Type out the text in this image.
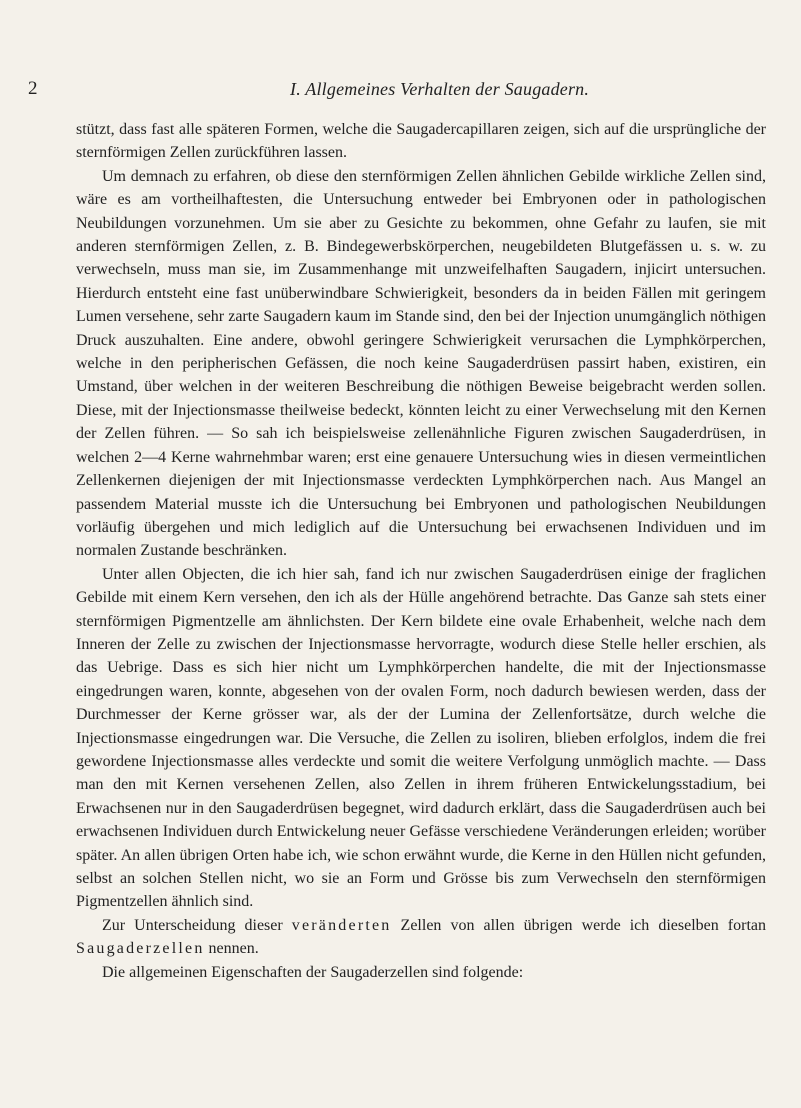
2	I. Allgemeines Verhalten der Saugadern.

stützt, dass fast alle späteren Formen, welche die Saugadercapillaren zeigen, sich auf die ursprüngliche der sternförmigen Zellen zurückführen lassen.

Um demnach zu erfahren, ob diese den sternförmigen Zellen ähnlichen Gebilde wirkliche Zellen sind, wäre es am vortheilhaftesten, die Untersuchung entweder bei Embryonen oder in pathologischen Neubildungen vorzunehmen. Um sie aber zu Gesichte zu bekommen, ohne Gefahr zu laufen, sie mit anderen sternförmigen Zellen, z. B. Bindegewerbskörperchen, neugebildeten Blutgefässen u. s. w. zu verwechseln, muss man sie, im Zusammenhange mit unzweifelhaften Saugadern, injicirt untersuchen. Hierdurch entsteht eine fast unüberwindbare Schwierigkeit, besonders da in beiden Fällen mit geringem Lumen versehene, sehr zarte Saugadern kaum im Stande sind, den bei der Injection unumgänglich nöthigen Druck auszuhalten. Eine andere, obwohl geringere Schwierigkeit verursachen die Lymphkörperchen, welche in den peripherischen Gefässen, die noch keine Saugaderdrüsen passirt haben, existiren, ein Umstand, über welchen in der weiteren Beschreibung die nöthigen Beweise beigebracht werden sollen. Diese, mit der Injectionsmasse theilweise bedeckt, könnten leicht zu einer Verwechselung mit den Kernen der Zellen führen. — So sah ich beispielsweise zellenähnliche Figuren zwischen Saugaderdrüsen, in welchen 2—4 Kerne wahrnehmbar waren; erst eine genauere Untersuchung wies in diesen vermeintlichen Zellenkernen diejenigen der mit Injectionsmasse verdeckten Lymphkörperchen nach. Aus Mangel an passendem Material musste ich die Untersuchung bei Embryonen und pathologischen Neubildungen vorläufig übergehen und mich lediglich auf die Untersuchung bei erwachsenen Individuen und im normalen Zustande beschränken.

Unter allen Objecten, die ich hier sah, fand ich nur zwischen Saugaderdrüsen einige der fraglichen Gebilde mit einem Kern versehen, den ich als der Hülle angehörend betrachte. Das Ganze sah stets einer sternförmigen Pigmentzelle am ähnlichsten. Der Kern bildete eine ovale Erhabenheit, welche nach dem Inneren der Zelle zu zwischen der Injectionsmasse hervorragte, wodurch diese Stelle heller erschien, als das Uebrige. Dass es sich hier nicht um Lymphkörperchen handelte, die mit der Injectionsmasse eingedrungen waren, konnte, abgesehen von der ovalen Form, noch dadurch bewiesen werden, dass der Durchmesser der Kerne grösser war, als der der Lumina der Zellenfortsätze, durch welche die Injectionsmasse eingedrungen war. Die Versuche, die Zellen zu isoliren, blieben erfolglos, indem die frei gewordene Injectionsmasse alles verdeckte und somit die weitere Verfolgung unmöglich machte. — Dass man den mit Kernen versehenen Zellen, also Zellen in ihrem früheren Entwickelungsstadium, bei Erwachsenen nur in den Saugaderdrüsen begegnet, wird dadurch erklärt, dass die Saugaderdrüsen auch bei erwachsenen Individuen durch Entwickelung neuer Gefässe verschiedene Veränderungen erleiden; worüber später. An allen übrigen Orten habe ich, wie schon erwähnt wurde, die Kerne in den Hüllen nicht gefunden, selbst an solchen Stellen nicht, wo sie an Form und Grösse bis zum Verwechseln den sternförmigen Pigmentzellen ähnlich sind.

Zur Unterscheidung dieser veränderten Zellen von allen übrigen werde ich dieselben fortan Saugaderzellen nennen.

Die allgemeinen Eigenschaften der Saugaderzellen sind folgende:
